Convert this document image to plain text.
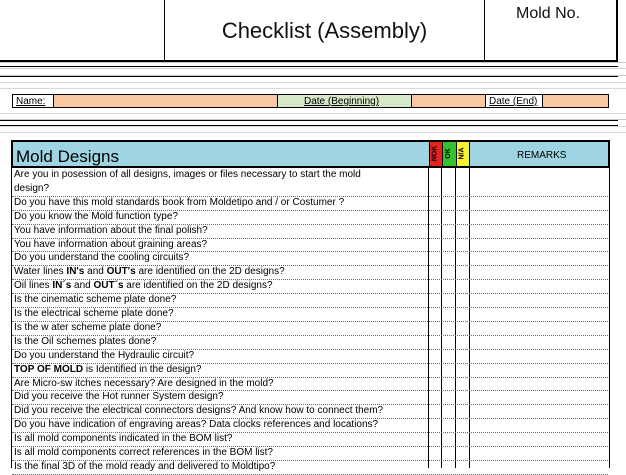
Checklist (Assembly)
Mold No.
Name:	Date (Beginning)	Date (End)
Mold Designs	NOK OK N/A	REMARKS
Are you in posession of all designs, images or files necessary to start the mold
design?
Do you have this mold standards book from Moldetipo and / or Costumer ?
Do you know the Mold function type?
You have information about the final polish?
You have information about graining areas?
Do you understand the cooling circuits?
Water lines IN's and OUT's are identified on the 2D designs?
Oil lines IN´s and OUT´s are identified on the 2D designs?
Is the cinematic scheme plate done?
Is the electrical scheme plate done?
Is the w ater scheme plate done?
Is the Oil schemes plates done?
Do you understand the Hydraulic circuit?
TOP OF MOLD is Identified in the design?
Are Micro-sw itches necessary? Are designed in the mold?
Did you receive the Hot runner System design?
Did you receive the electrical connectors designs? And know how to connect them?
Do you have indication of engraving areas? Data clocks references and locations?
Is all mold components indicated in the BOM list?
Is all mold components correct references in the BOM list?
Is the final 3D of the mold ready and delivered to Moldtipo?
